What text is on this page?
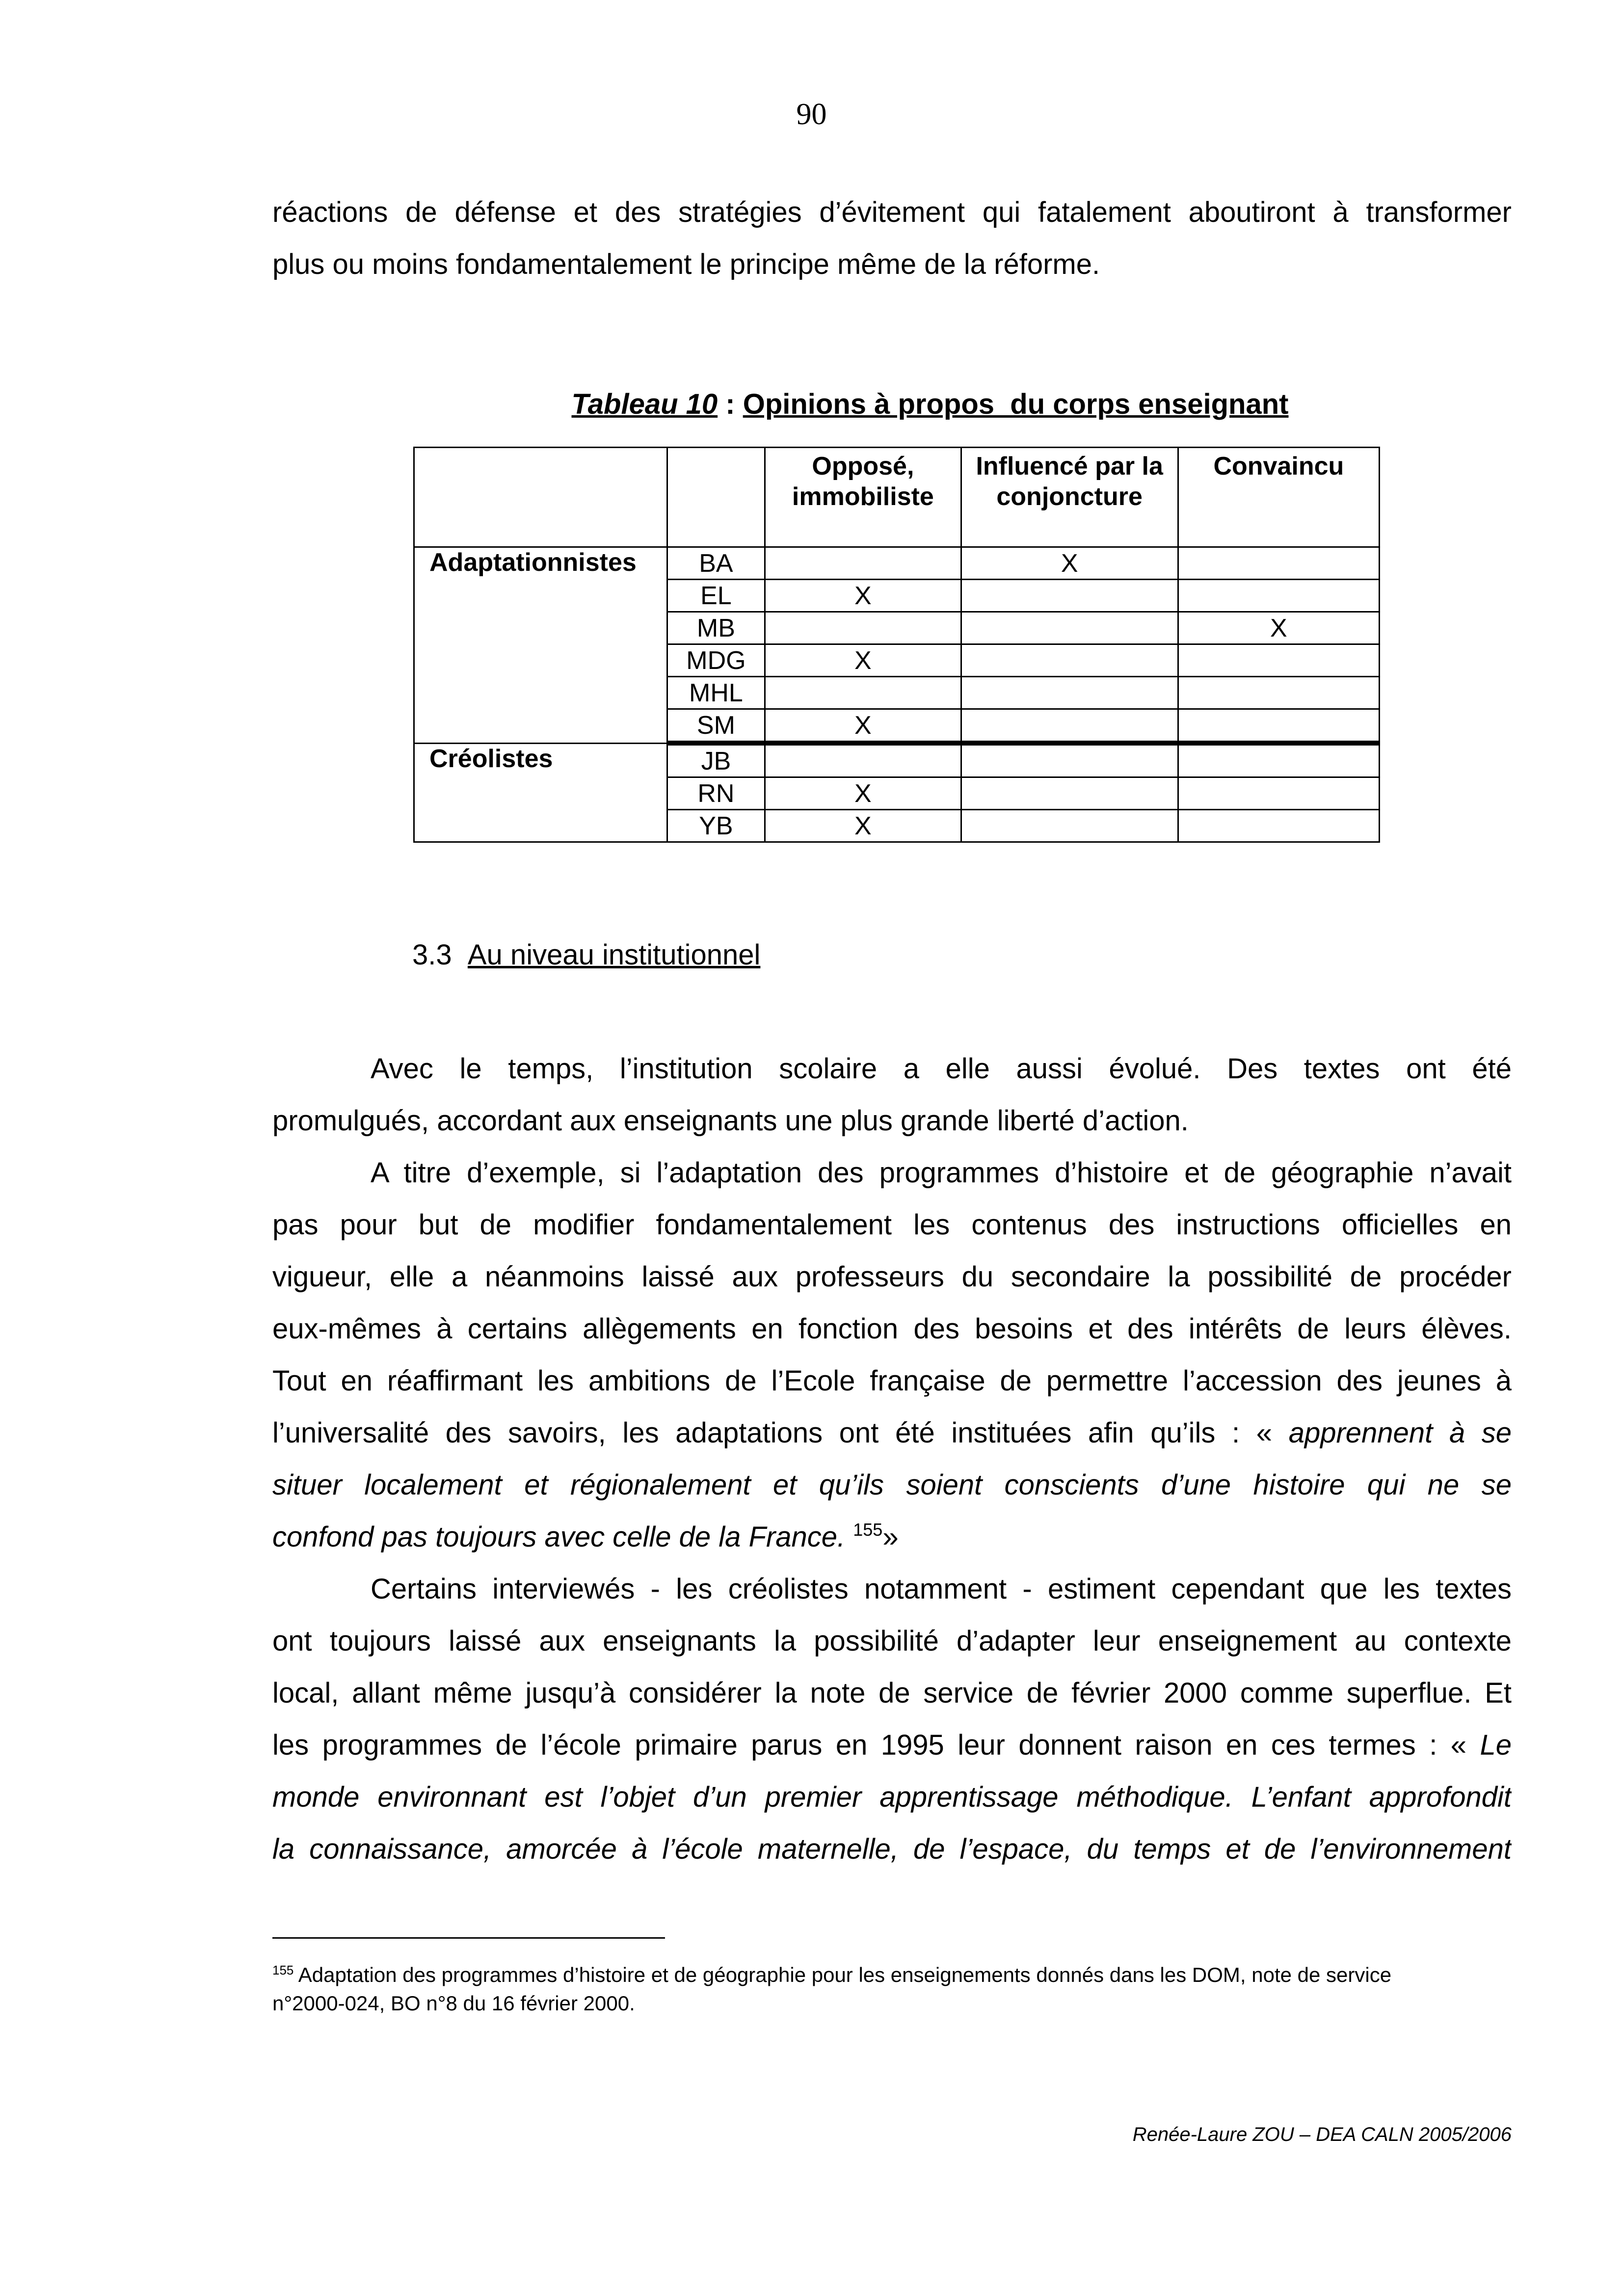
90
réactions de défense et des stratégies d’évitement qui fatalement aboutiront à transformer
plus ou moins fondamentalement le principe même de la réforme.
Tableau 10 : Opinions à propos  du corps enseignant
		Opposé, immobiliste	Influencé par la conjoncture	Convaincu
Adaptationnistes	BA		X	
	EL	X		
	MB			X
	MDG	X		
	MHL			
	SM	X		
Créolistes	JB			
	RN	X		
	YB	X		
3.3 Au niveau institutionnel
Avec le temps, l’institution scolaire a elle aussi évolué. Des textes ont été
promulgués, accordant aux enseignants une plus grande liberté d’action.
A titre d’exemple, si l’adaptation des programmes d’histoire et de géographie n’avait
pas pour but de modifier fondamentalement les contenus des instructions officielles en
vigueur, elle a néanmoins laissé aux professeurs du secondaire la possibilité de procéder
eux-mêmes à certains allègements en fonction des besoins et des intérêts de leurs élèves.
Tout en réaffirmant les ambitions de l’Ecole française de permettre l’accession des jeunes à
l’universalité des savoirs, les adaptations ont été instituées afin qu’ils : « apprennent à se
situer localement et régionalement et qu’ils soient conscients d’une histoire qui ne se
confond pas toujours avec celle de la France. $^{155}$»
Certains interviewés - les créolistes notamment - estiment cependant que les textes
ont toujours laissé aux enseignants la possibilité d’adapter leur enseignement au contexte
local, allant même jusqu’à considérer la note de service de février 2000 comme superflue. Et
les programmes de l’école primaire parus en 1995 leur donnent raison en ces termes : « Le
monde environnant est l’objet d’un premier apprentissage méthodique. L’enfant approfondit
la connaissance, amorcée à l’école maternelle, de l’espace, du temps et de l’environnement
$^{155}$ Adaptation des programmes d’histoire et de géographie pour les enseignements donnés dans les DOM, note de service
n°2000-024, BO n°8 du 16 février 2000.
Renée-Laure ZOU – DEA CALN 2005/2006
